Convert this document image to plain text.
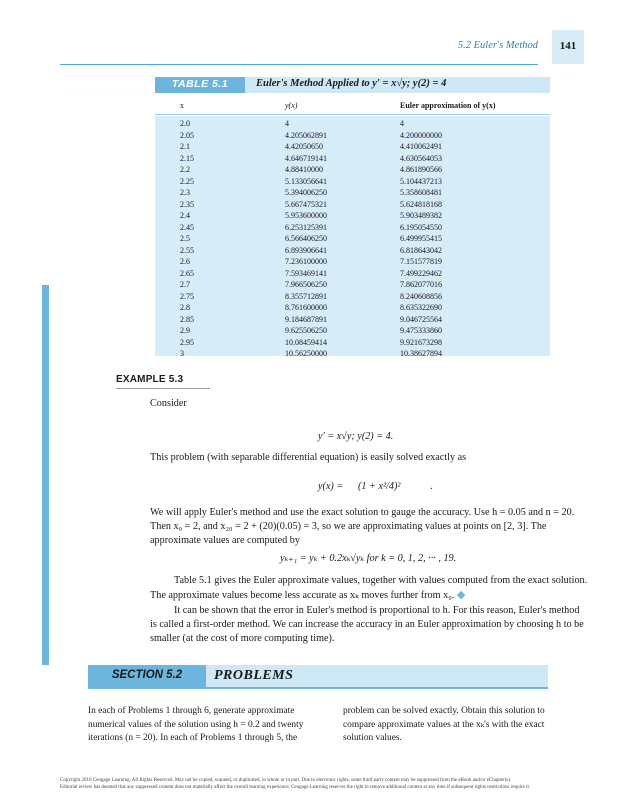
5.2 Euler's Method	141
TABLE 5.1	Euler's Method Applied to y′ = x√y; y(2) = 4
x	y(x)	Euler approximation of y(x)
2.0	4	4
2.05	4.205062891	4.200000000
2.1	4.42050650	4.410062491
2.15	4.646719141	4.630564053
2.2	4.88410000	4.861890566
2.25	5.133056641	5.104437213
2.3	5.394006250	5.358608481
2.35	5.667475321	5.624818168
2.4	5.953600000	5.903489382
2.45	6.253125391	6.195054550
2.5	6.566406250	6.499955415
2.55	6.893906641	6.818643042
2.6	7.236100000	7.151577819
2.65	7.593469141	7.499229462
2.7	7.966506250	7.862077016
2.75	8.355712891	8.240608856
2.8	8.761600000	8.635322690
2.85	9.184687891	9.046725564
2.9	9.625506250	9.475333860
2.95	10.08459414	9.921673298
3	10.56250000	10.38627894
EXAMPLE 5.3
Consider
y′ = x√y; y(2) = 4.
This problem (with separable differential equation) is easily solved exactly as
y(x) = (1 + x²/4)²	.
We will apply Euler's method and use the exact solution to gauge the accuracy. Use h = 0.05 and n = 20. Then x₀ = 2, and x₂₀ = 2 + (20)(0.05) = 3, so we are approximating values at points on [2, 3]. The approximate values are computed by
yₖ₊₁ = yₖ + 0.2xₖ√yₖ for k = 0, 1, 2, ··· , 19.
Table 5.1 gives the Euler approximate values, together with values computed from the exact solution. The approximate values become less accurate as xₖ moves further from x₀. ◆
It can be shown that the error in Euler's method is proportional to h. For this reason, Euler's method is called a first-order method. We can increase the accuracy in an Euler approximation by choosing h to be smaller (at the cost of more computing time).
SECTION 5.2	PROBLEMS
In each of Problems 1 through 6, generate approximate numerical values of the solution using h = 0.2 and twenty iterations (n = 20). In each of Problems 1 through 5, the
problem can be solved exactly. Obtain this solution to compare approximate values at the xₖ's with the exact solution values.
Copyright 2010 Cengage Learning. All Rights Reserved. May not be copied, scanned, or duplicated, in whole or in part. Due to electronic rights, some third party content may be suppressed from the eBook and/or eChapter(s).
Editorial review has deemed that any suppressed content does not materially affect the overall learning experience. Cengage Learning reserves the right to remove additional content at any time if subsequent rights restrictions require it.
